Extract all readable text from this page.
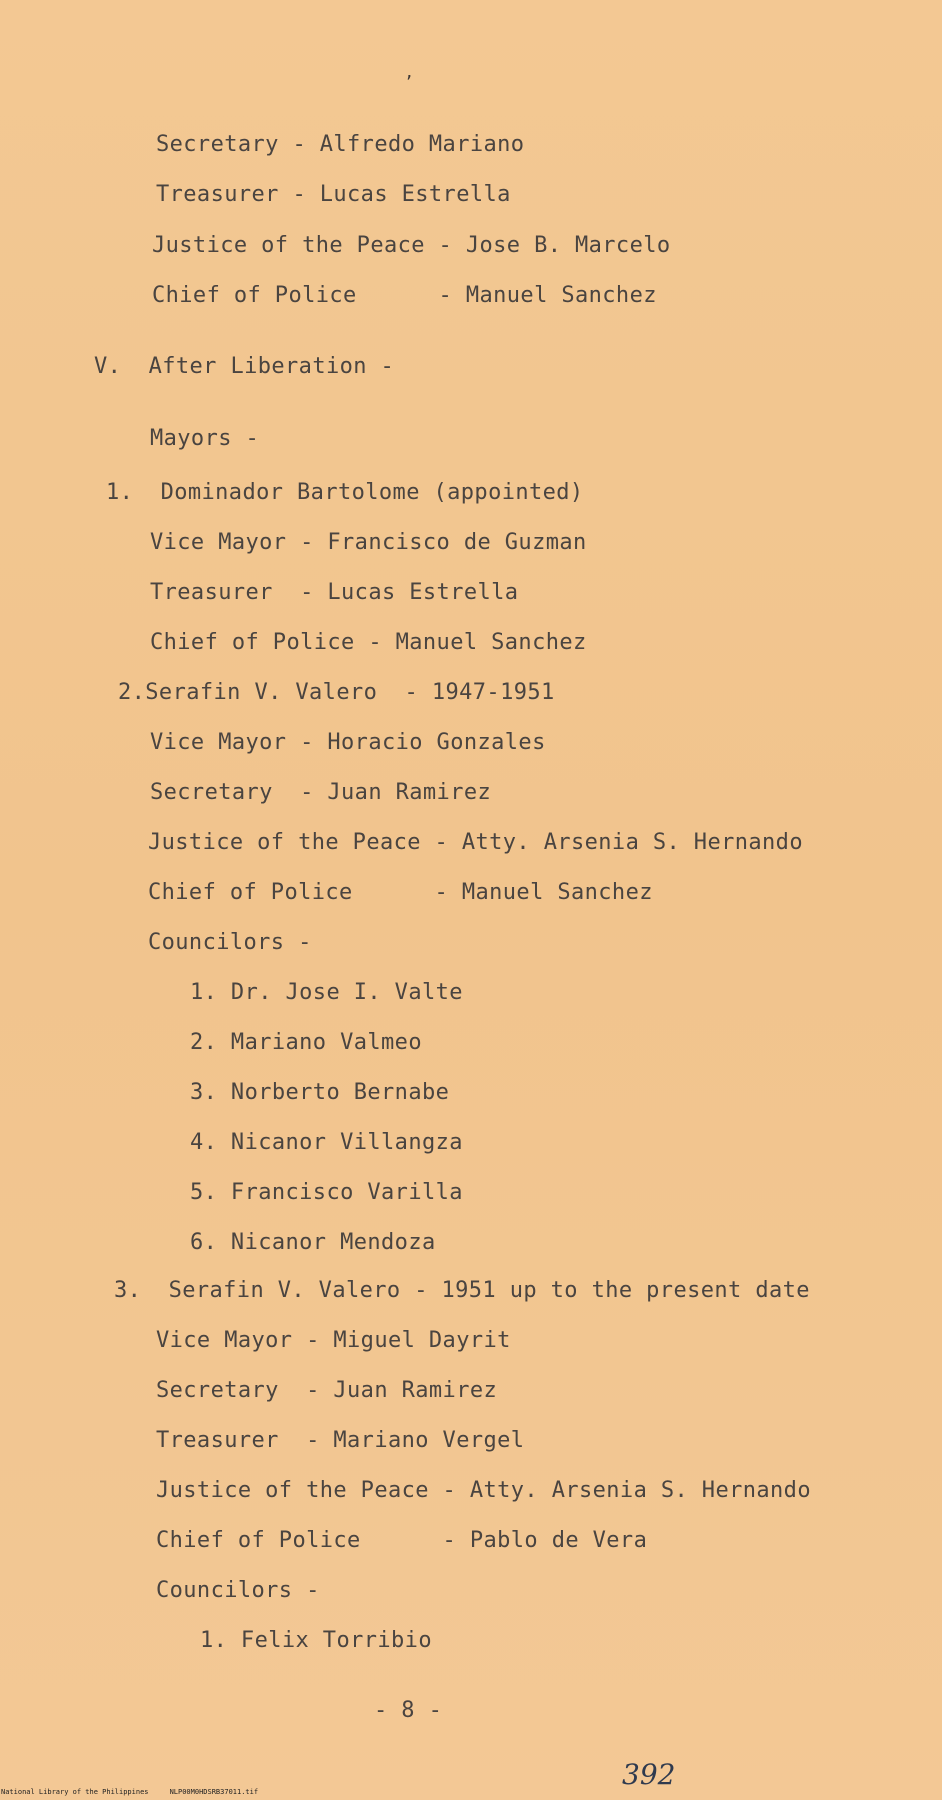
’
Secretary - Alfredo Mariano
Treasurer - Lucas Estrella
Justice of the Peace - Jose B. Marcelo
Chief of Police      - Manuel Sanchez
V.  After Liberation -
Mayors -
1.  Dominador Bartolome (appointed)
Vice Mayor - Francisco de Guzman
Treasurer  - Lucas Estrella
Chief of Police - Manuel Sanchez
2.Serafin V. Valero  - 1947-1951
Vice Mayor - Horacio Gonzales
Secretary  - Juan Ramirez
Justice of the Peace - Atty. Arsenia S. Hernando
Chief of Police      - Manuel Sanchez
Councilors -
1. Dr. Jose I. Valte
2. Mariano Valmeo
3. Norberto Bernabe
4. Nicanor Villangza
5. Francisco Varilla
6. Nicanor Mendoza
3.  Serafin V. Valero - 1951 up to the present date
Vice Mayor - Miguel Dayrit
Secretary  - Juan Ramirez
Treasurer  - Mariano Vergel
Justice of the Peace - Atty. Arsenia S. Hernando
Chief of Police      - Pablo de Vera
Councilors -
1. Felix Torribio
- 8 -
392
National Library of the Philippines     NLP00M0HDSRB37011.tif
